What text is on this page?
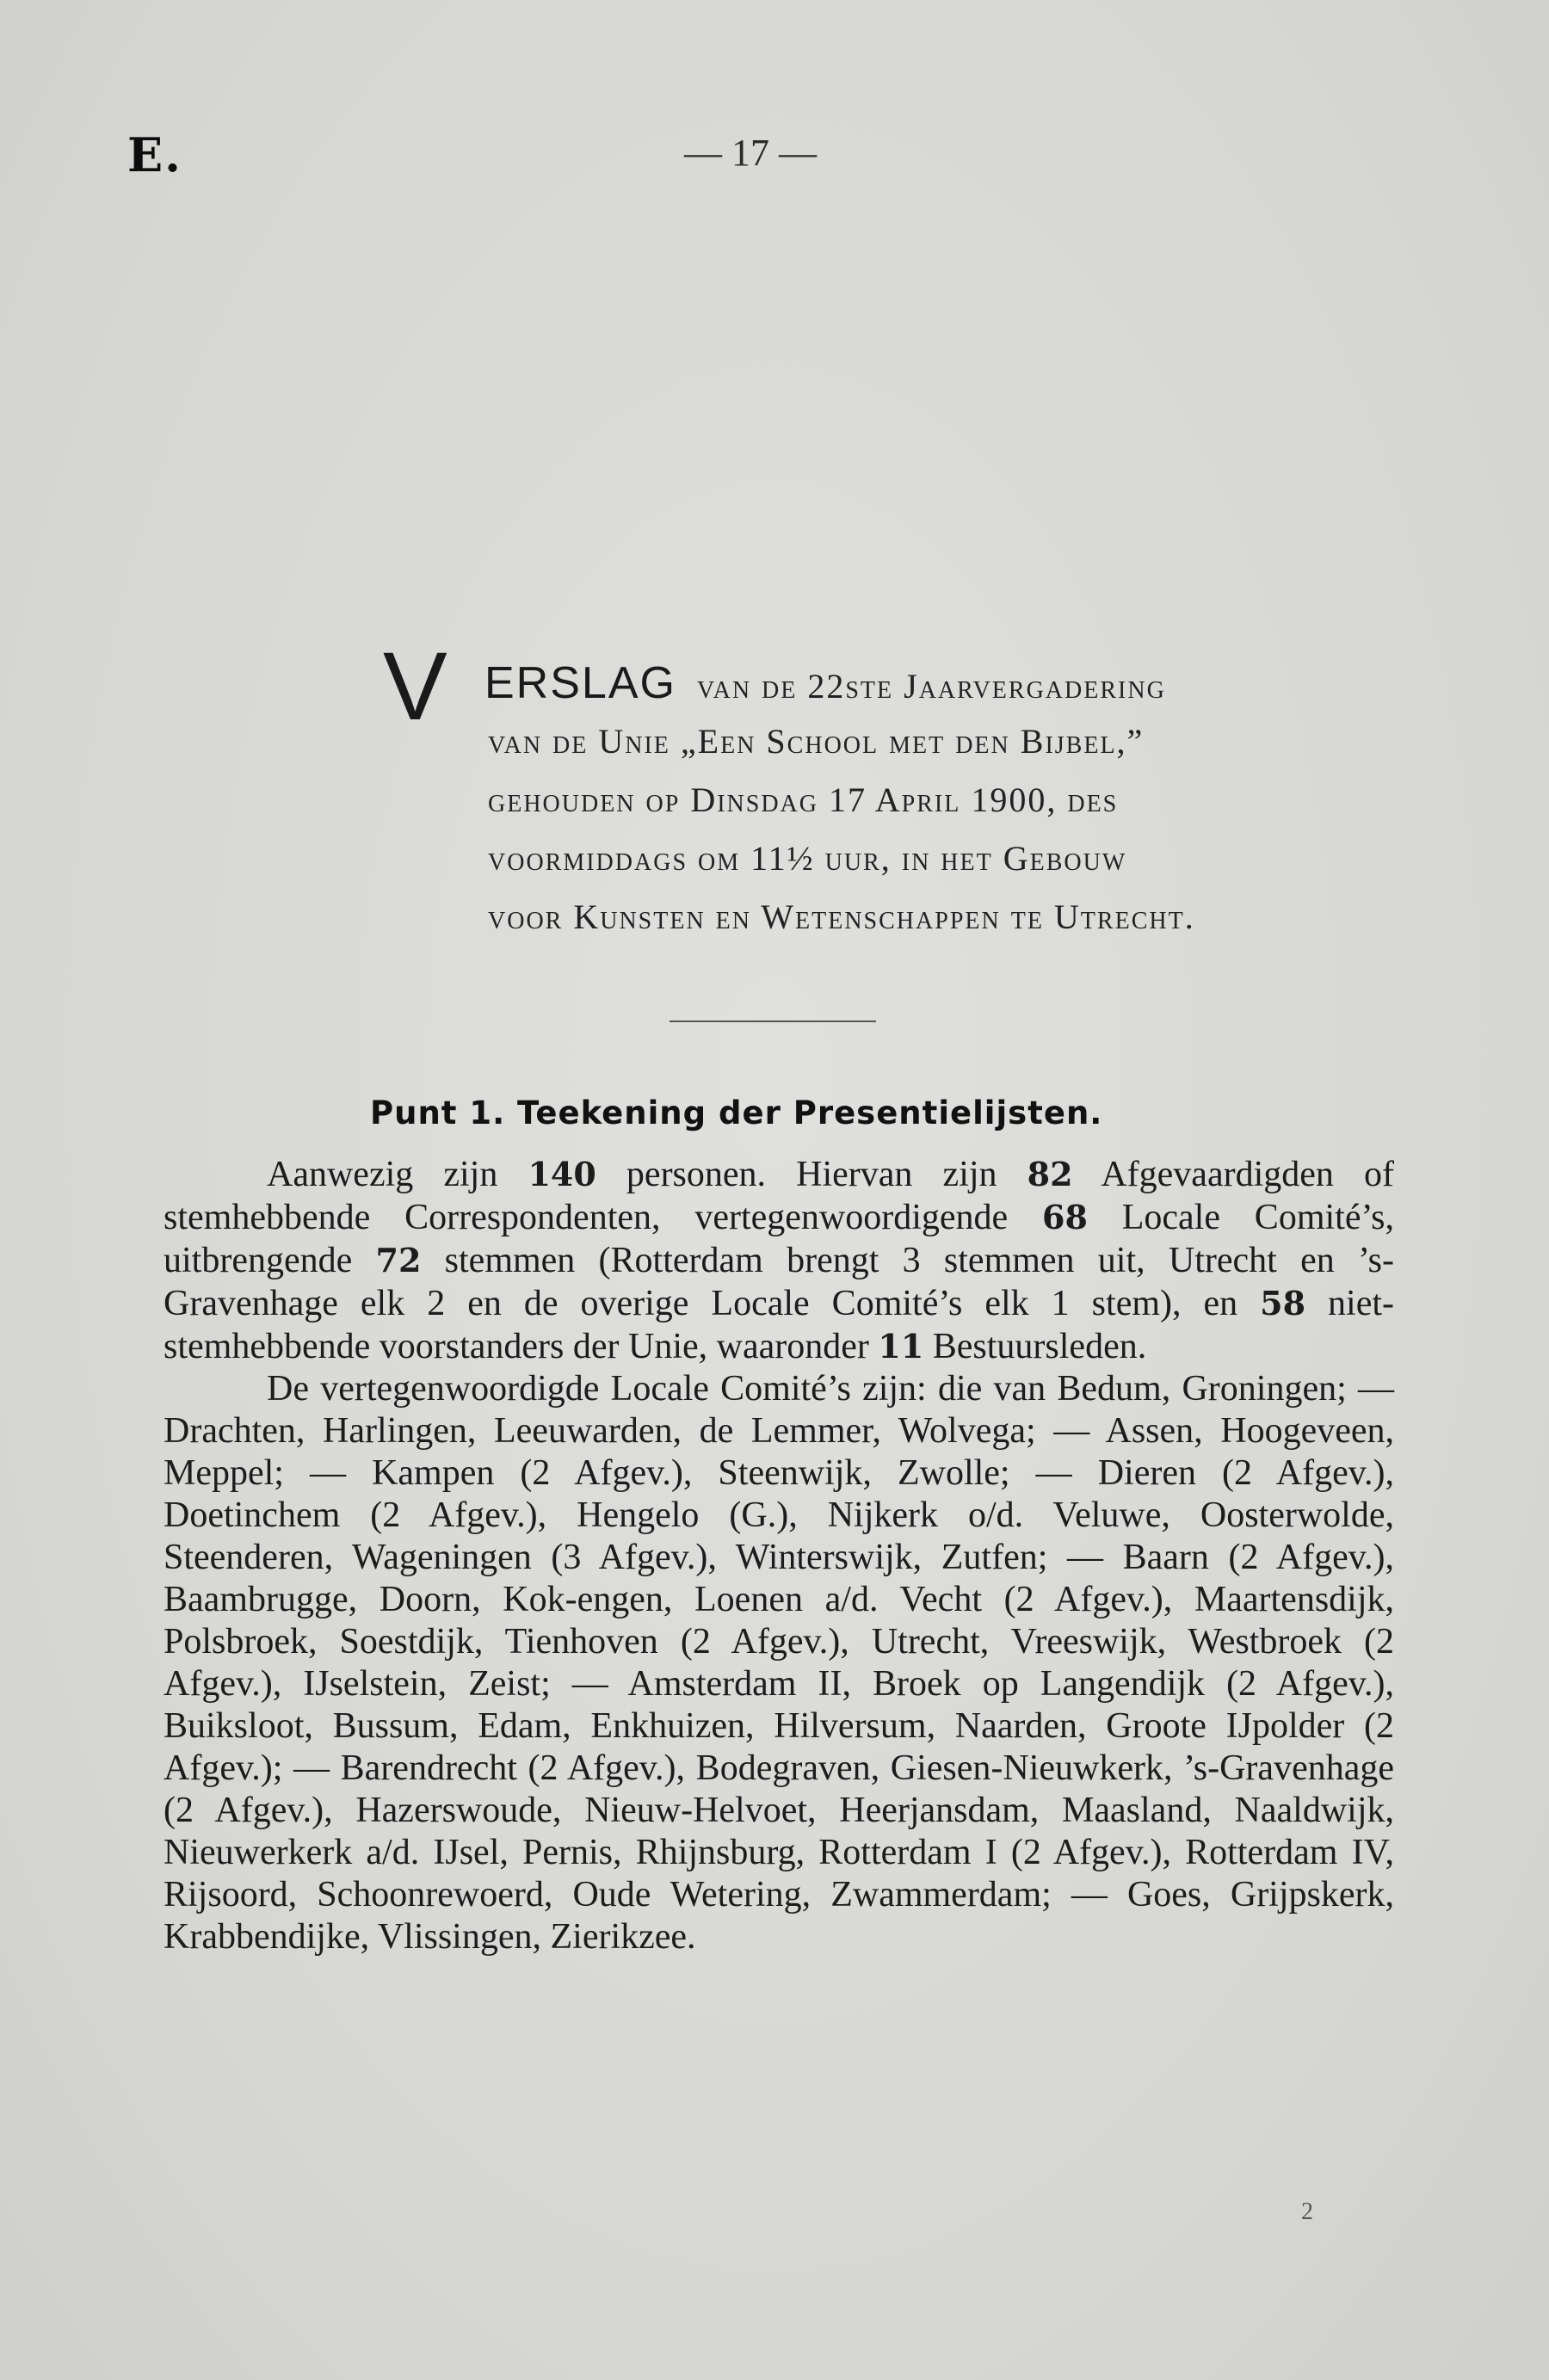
E.	— 17 —
V ERSLAG van de 22ste Jaarvergadering
van de Unie „Een School met den Bijbel,”
gehouden op Dinsdag 17 April 1900, des
voormiddags om 11½ uur, in het Gebouw
voor Kunsten en Wetenschappen te Utrecht.
Punt 1. Teekening der Presentielijsten.

Aanwezig zijn 140 personen. Hiervan zijn 82 Afgevaardigden of stemhebbende Correspondenten, vertegenwoordigende 68 Locale Comité’s, uitbrengende 72 stemmen (Rotterdam brengt 3 stemmen uit, Utrecht en ’s-Gravenhage elk 2 en de overige Locale Comité’s elk 1 stem), en 58 niet-stemhebbende voorstanders der Unie, waaronder 11 Bestuursleden.

De vertegenwoordigde Locale Comité’s zijn: die van Bedum, Groningen; — Drachten, Harlingen, Leeuwarden, de Lemmer, Wolvega; — Assen, Hoogeveen, Meppel; — Kampen (2 Afgev.), Steenwijk, Zwolle; — Dieren (2 Afgev.), Doetinchem (2 Afgev.), Hengelo (G.), Nijkerk o/d. Veluwe, Oosterwolde, Steenderen, Wageningen (3 Afgev.), Winterswijk, Zutfen; — Baarn (2 Afgev.), Baambrugge, Doorn, Kok-engen, Loenen a/d. Vecht (2 Afgev.), Maartensdijk, Polsbroek, Soestdijk, Tienhoven (2 Afgev.), Utrecht, Vreeswijk, Westbroek (2 Afgev.), IJselstein, Zeist; — Amsterdam II, Broek op Langendijk (2 Afgev.), Buiksloot, Bussum, Edam, Enkhuizen, Hilversum, Naarden, Groote IJpolder (2 Afgev.); — Barendrecht (2 Afgev.), Bodegraven, Giesen-Nieuwkerk, ’s-Gravenhage (2 Afgev.), Hazerswoude, Nieuw-Helvoet, Heerjansdam, Maasland, Naaldwijk, Nieuwerkerk a/d. IJsel, Pernis, Rhijnsburg, Rotterdam I (2 Afgev.), Rotterdam IV, Rijsoord, Schoonrewoerd, Oude Wetering, Zwammerdam; — Goes, Grijpskerk, Krabbendijke, Vlissingen, Zierikzee.

2
